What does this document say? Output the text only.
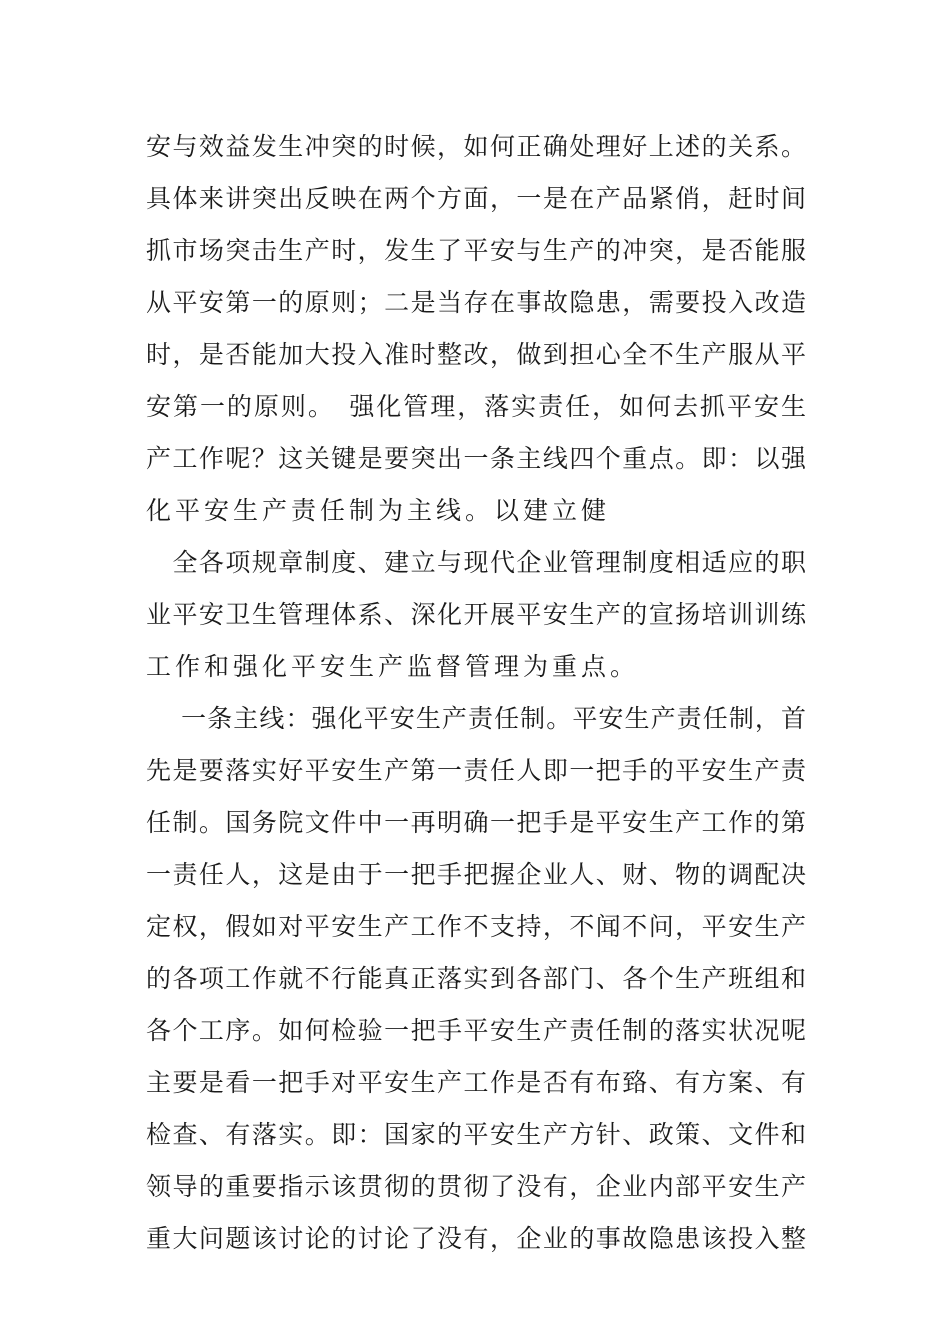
安与效益发生冲突的时候，如何正确处理好上述的关系。
具体来讲突出反映在两个方面，一是在产品紧俏，赶时间
抓市场突击生产时，发生了平安与生产的冲突，是否能服
从平安第一的原则；二是当存在事故隐患，需要投入改造
时，是否能加大投入准时整改，做到担心全不生产服从平
安第一的原则。　强化管理，落实责任，如何去抓平安生
产工作呢？这关键是要突出一条主线四个重点。即：以强
化平安生产责任制为主线。以建立健
　全各项规章制度、建立与现代企业管理制度相适应的职
业平安卫生管理体系、深化开展平安生产的宣扬培训训练
工作和强化平安生产监督管理为重点。
　 一条主线：强化平安生产责任制。平安生产责任制，首
先是要落实好平安生产第一责任人即一把手的平安生产责
任制。国务院文件中一再明确一把手是平安生产工作的第
一责任人，这是由于一把手把握企业人、财、物的调配决
定权，假如对平安生产工作不支持，不闻不问，平安生产
的各项工作就不行能真正落实到各部门、各个生产班组和
各个工序。如何检验一把手平安生产责任制的落实状况呢
主要是看一把手对平安生产工作是否有布臵、有方案、有
检查、有落实。即：国家的平安生产方针、政策、文件和
领导的重要指示该贯彻的贯彻了没有，企业内部平安生产
重大问题该讨论的讨论了没有，企业的事故隐患该投入整
